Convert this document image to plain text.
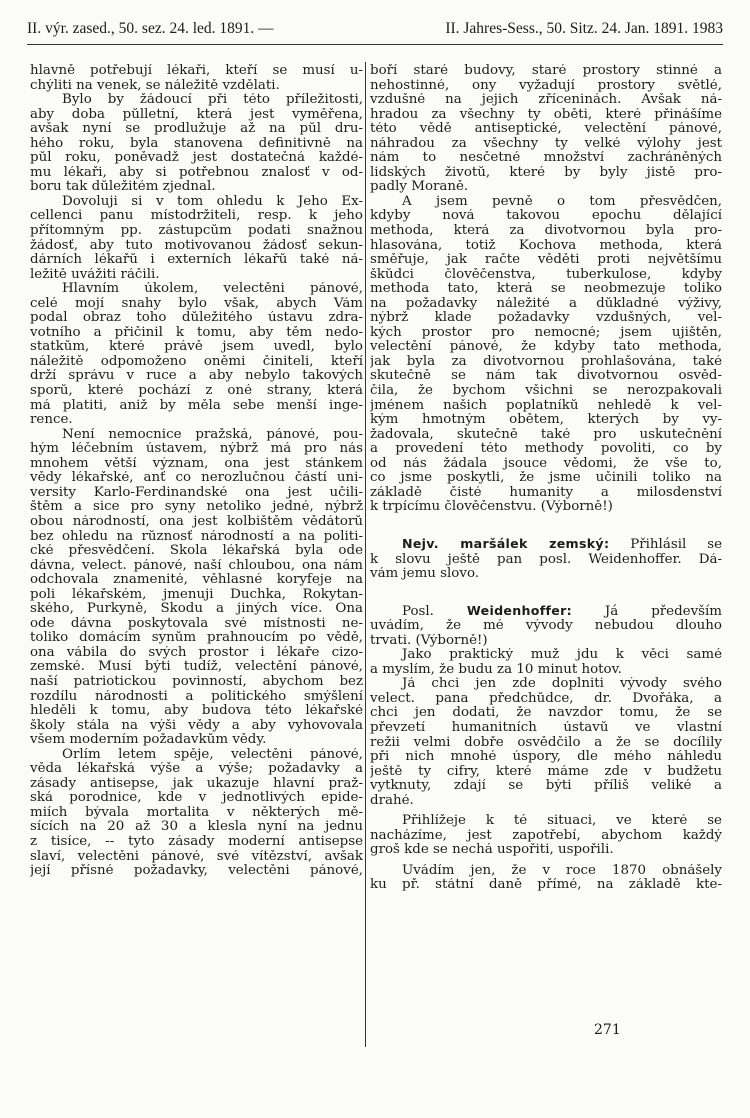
II. výr. zased., 50. sez. 24. led. 1891. —	II. Jahres-Sess., 50. Sitz. 24. Jan. 1891. 1983
hlavně potřebují lékaři, kteří se musí u-
chýliti na venek, se náležitě vzdělati.
Bylo by žádoucí při této příležitosti,
aby doba půlletní, která jest vyměřena,
avšak nyní se prodlužuje až na půl dru-
hého roku, byla stanovena definitivně na
půl roku, poněvadž jest dostatečná každé-
mu lékaři, aby si potřebnou znalosť v od-
boru tak důležitém zjednal.
Dovoluji si v tom ohledu k Jeho Ex-
cellenci panu místodržiteli, resp. k jeho
přítomným pp. zástupcům podati snažnou
žádosť, aby tuto motivovanou žádosť sekun-
dárních lékařů i externích lékařů také ná-
ležitě uvážiti ráčili.
Hlavním úkolem, velectěni pánové,
celé mojí snahy bylo však, abych Vám
podal obraz toho důležitého ústavu zdra-
votního a přičinil k tomu, aby těm nedo-
statkům, které právě jsem uvedl, bylo
náležitě odpomoženo oněmi činiteli, kteří
drží správu v ruce a aby nebylo takových
sporů, které pochází z oné strany, která
má platiti, aniž by měla sebe menší inge-
rence.
Není nemocnice pražská, pánové, pou-
hým léčebním ústavem, nýbrž má pro nás
mnohem větší význam, ona jest stánkem
vědy lékařské, anť co nerozlučnou částí uni-
versity Karlo-Ferdinandské ona jest učili-
štěm a sice pro syny netoliko jedné, nýbrž
obou národností, ona jest kolbištěm vědátorů
bez ohledu na různosť národností a na politi-
cké přesvědčení. Škola lékařská byla ode
dávna, velect. pánové, naší chloubou, ona nám
odchovala znamenité, věhlasné koryfeje na
poli lékařském, jmenuji Duchka, Rokytan-
ského, Purkyně, Škodu a jiných více. Ona
ode dávna poskytovala své místnosti ne-
toliko domácím synům prahnoucím po vědě,
ona vábila do svých prostor i lékaře cizo-
zemské. Musí býti tudíž, velectění pánové,
naší patriotickou povinností, abychom bez
rozdílu národnosti a politického smýšlení
hleděli k tomu, aby budova této lékařské
školy stála na výši vědy a aby vyhovovala
všem moderním požadavkům vědy.
Orlím letem spěje, velectěni pánové,
věda lékařská výše a výše; požadavky a
zásady antisepse, jak ukazuje hlavní praž-
ská porodnice, kde v jednotlivých epide-
miích bývala mortalita v některých mě-
sících na 20 až 30 a klesla nyní na jednu
z tisíce, -- tyto zásady moderní antisepse
slaví, velectěni pánové, své vítězství, avšak
její přísné požadavky, velectěni pánové,
boří staré budovy, staré prostory stinné a
nehostinné, ony vyžadují prostory světlé,
vzdušné na jejich zříceninách. Avšak ná-
hradou za všechny ty oběti, které přinášíme
této vědě antiseptické, velectění pánové,
náhradou za všechny ty velké výlohy jest
nám to nesčetné množství zachráněných
lidských životů, které by byly jistě pro-
padly Moraně.
A jsem pevně o tom přesvědčen,
kdyby nová takovou epochu dělající
methoda, která za divotvornou byla pro-
hlasována, totiž Kochova methoda, která
směřuje, jak račte věděti proti největšímu
škůdci člověčenstva, tuberkulose, kdyby
methoda tato, která se neobmezuje toliko
na požadavky náležité a důkladné výživy,
nýbrž klade požadavky vzdušných, vel-
kých prostor pro nemocné; jsem ujištěn,
velectění pánové, že kdyby tato methoda,
jak byla za divotvornou prohlašována, také
skutečně se nám tak divotvornou osvěd-
čila, že bychom všichni se nerozpakovali
jménem našich poplatníků nehledě k vel-
kým hmotným obětem, kterých by vy-
žadovala, skutečně také pro uskutečnění
a provedení této methody povoliti, co by
od nás žádala jsouce vědomi, že vše to,
co jsme poskytli, že jsme učinili toliko na
základě čisté humanity a milosdenství
k trpícímu člověčenstvu. (Výborně!)
Nejv. maršálek zemský: Přihlásil se
k slovu ještě pan posl. Weidenhoffer. Dá-
vám jemu slovo.
Posl.	Weidenhoffer: Já především
uvádím, že mé vývody nebudou dlouho
trvati. (Výborně!)
Jako praktický muž jdu k věci samé
a myslím, že budu za 10 minut hotov.
Já chci jen zde doplniti vývody svého
velect. pana předchůdce, dr. Dvořáka, a
chci jen dodati, že navzdor tomu, že se
převzetí humanitních ústavů ve vlastní
režii velmi dobře osvědčilo a že se docílily
při nich mnohé úspory, dle mého náhledu
ještě ty cifry, které máme zde v budžetu
vytknuty, zdají se býti příliš veliké a
drahé.
Přihlížeje k té situaci, ve které se
nacházíme, jest zapotřebí, abychom každý
groš kde se nechá uspořiti, uspořili.
Uvádím jen, že v roce 1870 obnášely
ku př. státní daně přímé, na základě kte-
271
